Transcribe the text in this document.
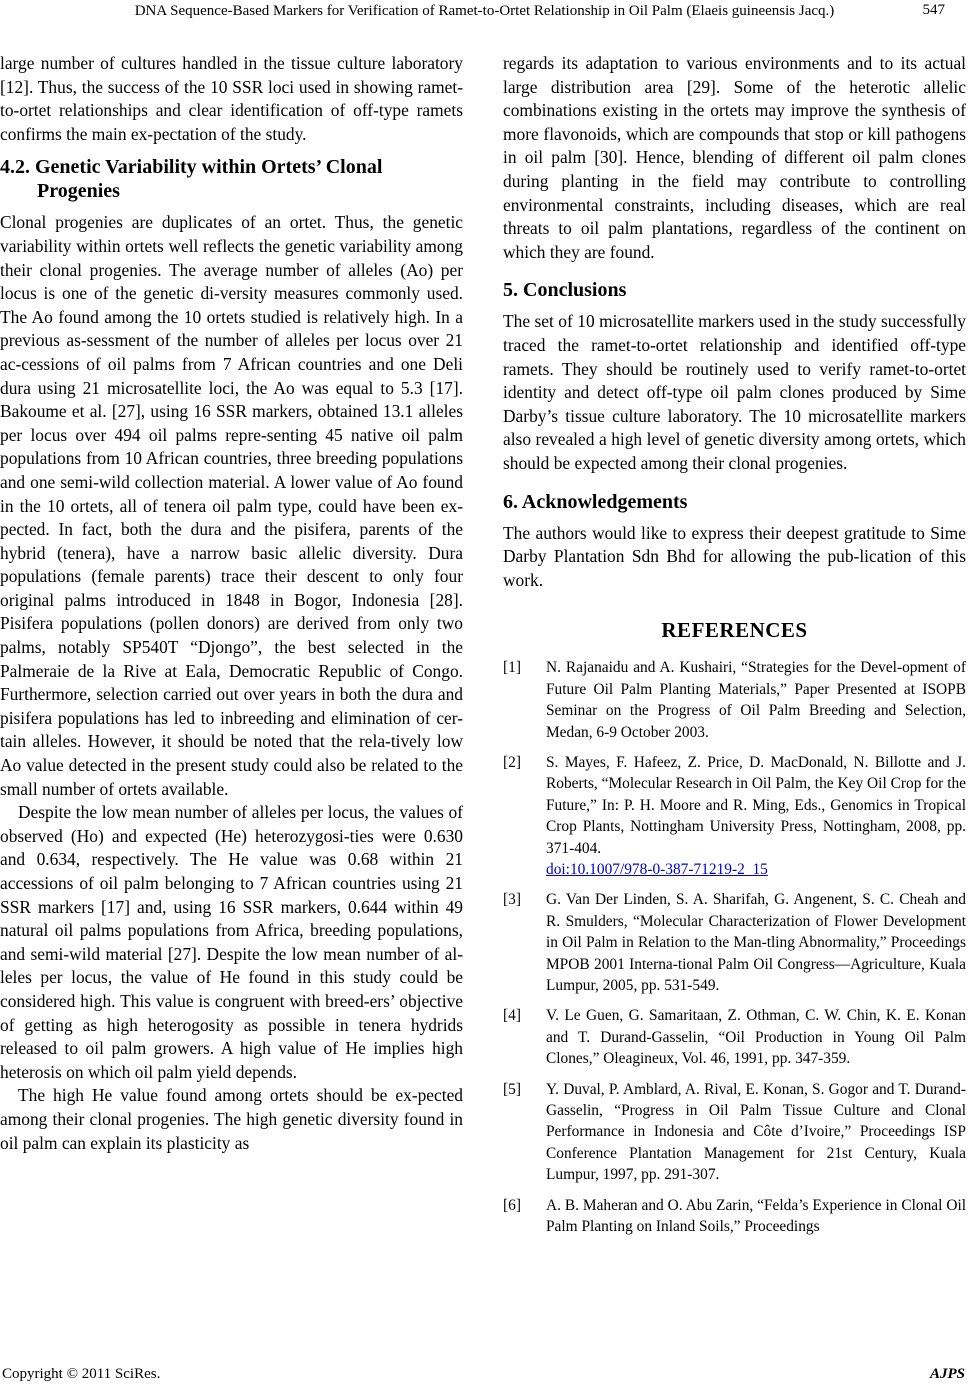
DNA Sequence-Based Markers for Verification of Ramet-to-Ortet Relationship in Oil Palm (Elaeis guineensis Jacq.)	547

large number of cultures handled in the tissue culture laboratory [12]. Thus, the success of the 10 SSR loci used in showing ramet-to-ortet relationships and clear identification of off-type ramets confirms the main ex-pectation of the study.

4.2. Genetic Variability within Ortets’ Clonal
Progenies

Clonal progenies are duplicates of an ortet. Thus, the genetic variability within ortets well reflects the genetic variability among their clonal progenies. The average number of alleles (Ao) per locus is one of the genetic di-versity measures commonly used. The Ao found among the 10 ortets studied is relatively high. In a previous as-sessment of the number of alleles per locus over 21 ac-cessions of oil palms from 7 African countries and one Deli dura using 21 microsatellite loci, the Ao was equal to 5.3 [17]. Bakoume et al. [27], using 16 SSR markers, obtained 13.1 alleles per locus over 494 oil palms repre-senting 45 native oil palm populations from 10 African countries, three breeding populations and one semi-wild collection material. A lower value of Ao found in the 10 ortets, all of tenera oil palm type, could have been ex-pected. In fact, both the dura and the pisifera, parents of the hybrid (tenera), have a narrow basic allelic diversity. Dura populations (female parents) trace their descent to only four original palms introduced in 1848 in Bogor, Indonesia [28]. Pisifera populations (pollen donors) are derived from only two palms, notably SP540T “Djongo”, the best selected in the Palmeraie de la Rive at Eala, Democratic Republic of Congo. Furthermore, selection carried out over years in both the dura and pisifera populations has led to inbreeding and elimination of cer-tain alleles. However, it should be noted that the rela-tively low Ao value detected in the present study could also be related to the small number of ortets available.

Despite the low mean number of alleles per locus, the values of observed (Ho) and expected (He) heterozygosi-ties were 0.630 and 0.634, respectively. The He value was 0.68 within 21 accessions of oil palm belonging to 7 African countries using 21 SSR markers [17] and, using 16 SSR markers, 0.644 within 49 natural oil palms populations from Africa, breeding populations, and semi-wild material [27]. Despite the low mean number of al-leles per locus, the value of He found in this study could be considered high. This value is congruent with breed-ers’ objective of getting as high heterogosity as possible in tenera hydrids released to oil palm growers. A high value of He implies high heterosis on which oil palm yield depends.

The high He value found among ortets should be ex-pected among their clonal progenies. The high genetic diversity found in oil palm can explain its plasticity as

regards its adaptation to various environments and to its actual large distribution area [29]. Some of the heterotic allelic combinations existing in the ortets may improve the synthesis of more flavonoids, which are compounds that stop or kill pathogens in oil palm [30]. Hence, blending of different oil palm clones during planting in the field may contribute to controlling environmental constraints, including diseases, which are real threats to oil palm plantations, regardless of the continent on which they are found.

5. Conclusions

The set of 10 microsatellite markers used in the study successfully traced the ramet-to-ortet relationship and identified off-type ramets. They should be routinely used to verify ramet-to-ortet identity and detect off-type oil palm clones produced by Sime Darby’s tissue culture laboratory. The 10 microsatellite markers also revealed a high level of genetic diversity among ortets, which should be expected among their clonal progenies.

6. Acknowledgements

The authors would like to express their deepest gratitude to Sime Darby Plantation Sdn Bhd for allowing the pub-lication of this work.

REFERENCES
[1]	N. Rajanaidu and A. Kushairi, “Strategies for the Devel-opment of Future Oil Palm Planting Materials,” Paper Presented at ISOPB Seminar on the Progress of Oil Palm Breeding and Selection, Medan, 6-9 October 2003.
[2]	S. Mayes, F. Hafeez, Z. Price, D. MacDonald, N. Billotte and J. Roberts, “Molecular Research in Oil Palm, the Key Oil Crop for the Future,” In: P. H. Moore and R. Ming, Eds., Genomics in Tropical Crop Plants, Nottingham University Press, Nottingham, 2008, pp. 371-404.
doi:10.1007/978-0-387-71219-2_15
[3]	G. Van Der Linden, S. A. Sharifah, G. Angenent, S. C. Cheah and R. Smulders, “Molecular Characterization of Flower Development in Oil Palm in Relation to the Man-tling Abnormality,” Proceedings MPOB 2001 Interna-tional Palm Oil Congress―Agriculture, Kuala Lumpur, 2005, pp. 531-549.
[4]	V. Le Guen, G. Samaritaan, Z. Othman, C. W. Chin, K. E. Konan and T. Durand-Gasselin, “Oil Production in Young Oil Palm Clones,” Oleagineux, Vol. 46, 1991, pp. 347-359.
[5]	Y. Duval, P. Amblard, A. Rival, E. Konan, S. Gogor and T. Durand-Gasselin, “Progress in Oil Palm Tissue Culture and Clonal Performance in Indonesia and Côte d’Ivoire,” Proceedings ISP Conference Plantation Management for 21st Century, Kuala Lumpur, 1997, pp. 291-307.
[6]	A. B. Maheran and O. Abu Zarin, “Felda’s Experience in Clonal Oil Palm Planting on Inland Soils,” Proceedings
Copyright © 2011 SciRes.	AJPS
